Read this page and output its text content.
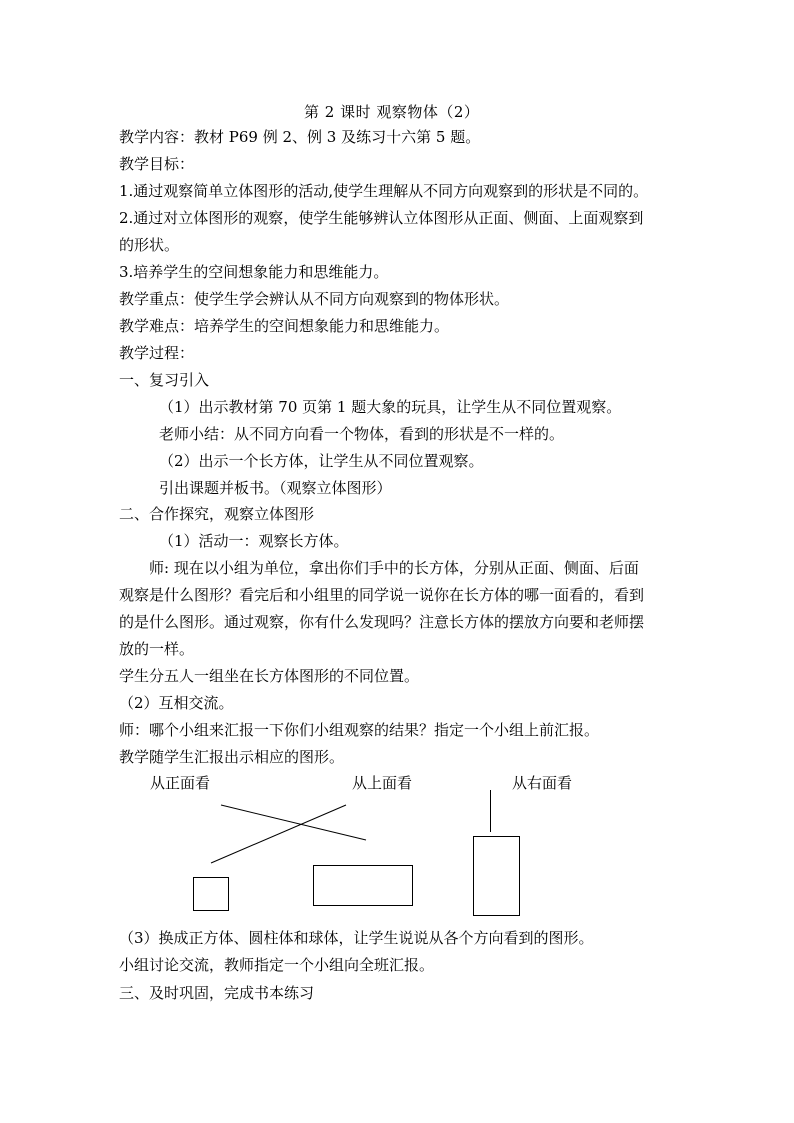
第 2 课时 观察物体（2）
教学内容：教材 P69 例 2、例 3 及练习十六第 5 题。
教学目标：
1.通过观察简单立体图形的活动,使学生理解从不同方向观察到的形状是不同的。
2.通过对立体图形的观察，使学生能够辨认立体图形从正面、侧面、上面观察到
的形状。
3.培养学生的空间想象能力和思维能力。
教学重点：使学生学会辨认从不同方向观察到的物体形状。
教学难点：培养学生的空间想象能力和思维能力。
教学过程：
一、复习引入
（1）出示教材第 70 页第 1 题大象的玩具，让学生从不同位置观察。
老师小结：从不同方向看一个物体，看到的形状是不一样的。
（2）出示一个长方体，让学生从不同位置观察。
引出课题并板书。（观察立体图形）
二、合作探究，观察立体图形
（1）活动一：观察长方体。
师: 现在以小组为单位，拿出你们手中的长方体，分别从正面、侧面、后面
观察是什么图形？看完后和小组里的同学说一说你在长方体的哪一面看的，看到
的是什么图形。通过观察，你有什么发现吗？注意长方体的摆放方向要和老师摆
放的一样。
学生分五人一组坐在长方体图形的不同位置。
（2）互相交流。
师：哪个小组来汇报一下你们小组观察的结果？指定一个小组上前汇报。
教学随学生汇报出示相应的图形。
从正面看	从上面看	从右面看
（3）换成正方体、圆柱体和球体，让学生说说从各个方向看到的图形。
小组讨论交流，教师指定一个小组向全班汇报。
三、及时巩固，完成书本练习
